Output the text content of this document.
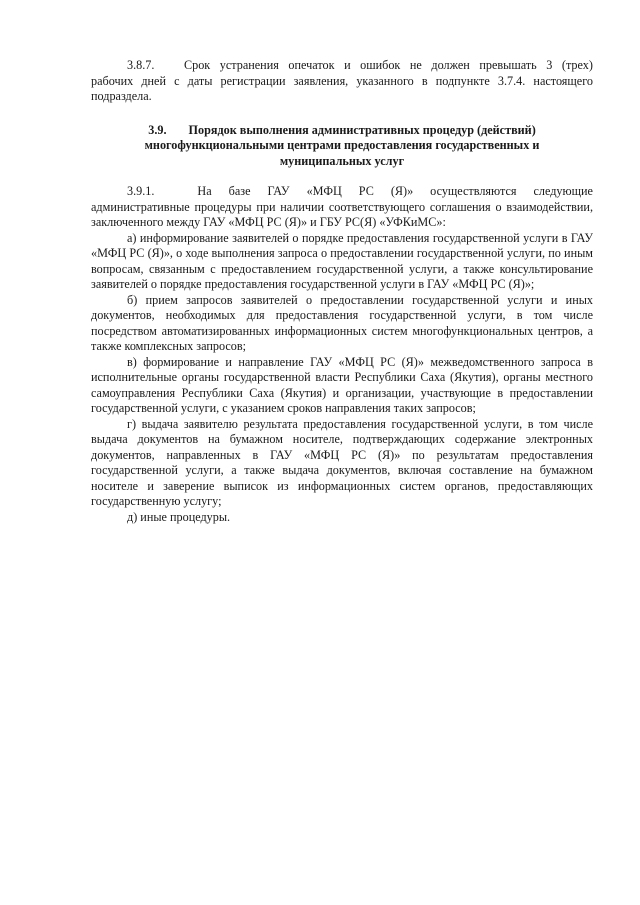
3.8.7. Срок устранения опечаток и ошибок не должен превышать 3 (трех)

рабочих дней с даты регистрации заявления, указанного в подпункте 3.7.4. настоящего подраздела.

3.9. Порядок выполнения административных процедур (действий) многофункциональными центрами предоставления государственных и муниципальных услуг
3.9.1.	На базе ГАУ «МФЦ РС (Я)» осуществляются следующие

административные процедуры при наличии соответствующего соглашения о взаимодействии, заключенного между ГАУ «МФЦ РС (Я)» и ГБУ РС(Я) «УФКиМС»:

а) информирование заявителей о порядке предоставления государственной услуги в ГАУ «МФЦ РС (Я)», о ходе выполнения запроса о предоставлении государственной услуги, по иным вопросам, связанным с предоставлением государственной услуги, а также консультирование заявителей о порядке предоставления государственной услуги в ГАУ «МФЦ РС (Я)»;

б) прием запросов заявителей о предоставлении государственной услуги и иных документов, необходимых для предоставления государственной услуги, в том числе посредством автоматизированных информационных систем многофункциональных центров, а также комплексных запросов;

в) формирование и направление ГАУ «МФЦ РС (Я)» межведомственного запроса в исполнительные органы государственной власти Республики Саха (Якутия), органы местного самоуправления Республики Саха (Якутия) и организации, участвующие в предоставлении государственной услуги, с указанием сроков направления таких запросов;

г) выдача заявителю результата предоставления государственной услуги, в том числе выдача документов на бумажном носителе, подтверждающих содержание электронных документов, направленных в ГАУ «МФЦ РС (Я)» по результатам предоставления государственной услуги, а также выдача документов, включая составление на бумажном носителе и заверение выписок из информационных систем органов, предоставляющих государственную услугу;

д) иные процедуры.
